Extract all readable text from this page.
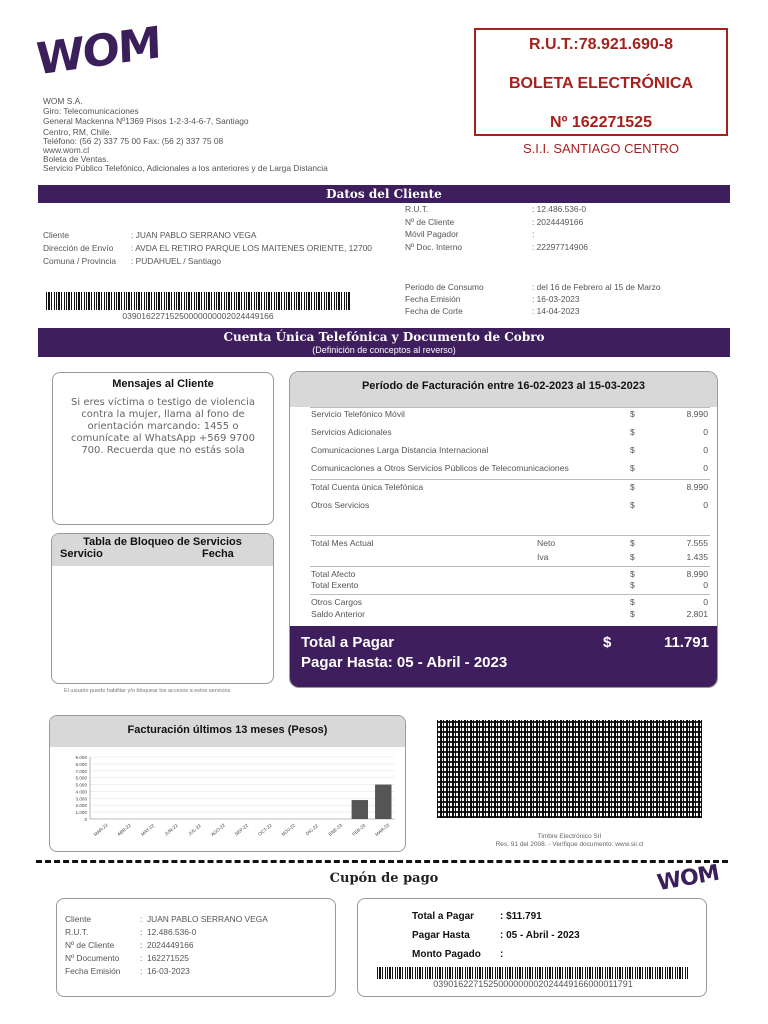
WOM
WOM S.A.
Giro: Telecomunicaciones
General Mackenna Nº1369 Pisos 1-2-3-4-6-7, Santiago
Centro, RM, Chile.
Teléfono: (56 2) 337 75 00 Fax: (56 2) 337 75 08
www.wom.cl
Boleta de Ventas.
Servicio Público Telefónico, Adicionales a los anteriores y de Larga Distancia
R.U.T.:78.921.690-8
BOLETA ELECTRÓNICA
Nº 162271525
S.I.I. SANTIAGO CENTRO
Datos del Cliente
Cliente	: JUAN PABLO SERRANO VEGA
Dirección de Envío : AVDA EL RETIRO PARQUE LOS MAITENES ORIENTE, 12700
Comuna / Provincia : PUDAHUEL / Santiago
R.U.T.	: 12.486.536-0
Nº de Cliente	: 2024449166
Móvil Pagador	:
Nº Doc. Interno	: 22297714906
Periodo de Consumo	: del 16 de Febrero al 15 de Marzo
Fecha Emisión	: 16-03-2023
Fecha de Corte	: 14-04-2023
03901622715250000000002024449166
Cuenta Única Telefónica y Documento de Cobro
(Definición de conceptos al reverso)
Mensajes al Cliente
Si eres víctima o testigo de violencia contra la mujer, llama al fono de orientación marcando: 1455 o comunícate al WhatsApp +569 9700 700. Recuerda que no estás sola
Tabla de Bloqueo de Servicios
Servicio	Fecha
El usuario puede habilitar y/o bloquear los accesos a estos servicios
Período de Facturación entre 16-02-2023 al 15-03-2023
Total a Pagar	$	11.791
Pagar Hasta: 05 - Abril - 2023
Servicio Telefónico Móvil	$	8.990
Servicios Adicionales	$	0
Comunicaciones Larga Distancia Internacional	$	0
Comunicaciones a Otros Servicios Públicos de Telecomunicaciones	$	0
Total Cuenta única Telefónica	$	8.990
Otros Servicios	$	0
Total Mes Actual	Neto	$	7.555
Iva	$	1.435
Total Afecto	$	8.990
Total Exento	$	0
Otros Cargos	$	0
Saldo Anterior	$	2.801
Facturación últimos 13 meses (Pesos)
0
1.000
2.000
3.000
4.000
5.000
6.000
7.000
8.000
9.000
MAR-22 ABR-22 MAY-22 JUN-22 JUL-22 AGO-22 SEP-22 OCT-22 NOV-22 DIC-22 ENE-23 FEB-23 MAR-23	Timbre Electrónico SII
Res. 91 del 2008. - Verifique documento: www.sii.cl
Cupón de pago	WOM
Cliente	:  JUAN PABLO SERRANO VEGA
R.U.T.	:  12.486.536-0
Nº de Cliente	:  2024449166
Nº Documento :  162271525
Fecha Emisión :  16-03-2023
Total a Pagar	: $11.791
Pagar Hasta	: 05 - Abril - 2023
Monto Pagado :
0390162271525000000002024449166000011791
